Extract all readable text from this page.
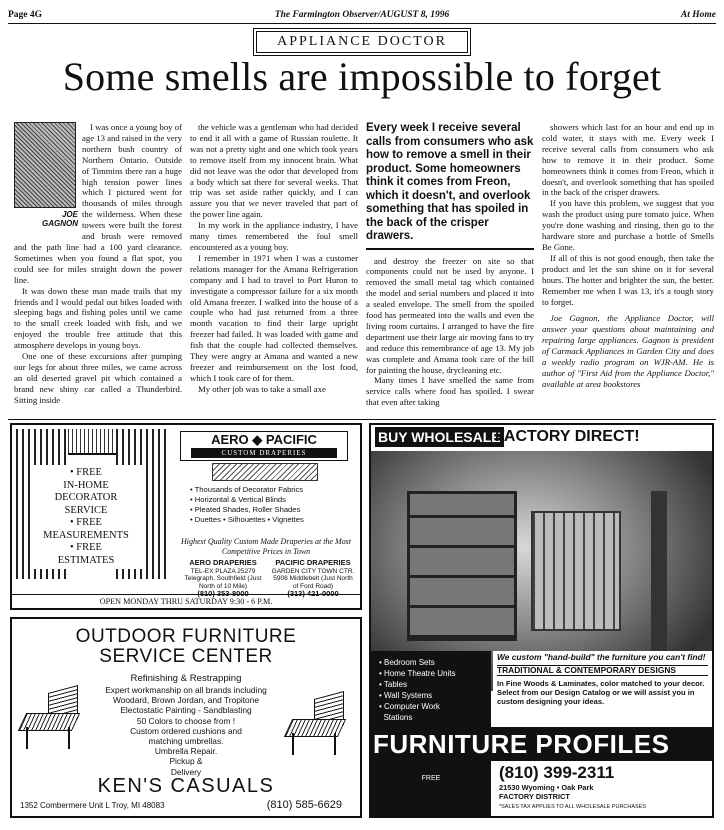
Page 4G	The Farmington Observer/AUGUST 8, 1996	At Home
APPLIANCE DOCTOR
Some smells are impossible to forget
JOE
GAGNON

I was once a young boy of age 13 and raised in the very northern bush country of Northern Ontario. Outside of Timmins there ran a huge high tension power lines which I pictured went for thousands of miles through the wilderness. When these towers were built the forest and brush were removed and the path line had a 100 yard clearance. Sometimes when you found a flat spot, you could see for miles straight down the power line.

It was down these man made trails that my friends and I would pedal out bikes loaded with sleeping bags and fishing poles until we came to the small creek loaded with fish, and we enjoyed the trouble free attitude that this atmosphere develops in young boys.

One one of these excursions after pumping our legs for about three miles, we came across an old deserted gravel pit which contained a brand new shiny car called a Thunderbird. Sitting inside

the vehicle was a gentleman who had decided to end it all with a game of Russian roulette. It was not a pretty sight and one which took years to remove itself from my innocent brain. What did not leave was the odor that developed from a body which sat there for several weeks. That trip was set aside rather quickly, and I can assure you that we never traveled that part of the power line again.

In my work in the appliance industry, I have many times remembered the foul smell encountered as a young boy.

I remember in 1971 when I was a customer relations manager for the Amana Refrigeration company and I had to travel to Port Huron to investigate a compressor failure for a six month old Amana freezer. I walked into the house of a couple who had just returned from a three month vacation to find their large upright freezer had failed. It was loaded with game and fish that the couple had collected themselves. They were angry at Amana and wanted a new freezer and reimbursement on the lost food, which I took care of for them.

My other job was to take a small axe

Every week I receive several calls from consumers who ask how to remove a smell in their product. Some homeowners think it comes from Freon, which it doesn't, and overlook something that has spoiled in the back of the crisper drawers.

and destroy the freezer on site so that components could not be used by anyone. I removed the small metal tag which contained the model and serial numbers and placed it into a sealed envelope. The smell from the spoiled food has permeated into the walls and even the living room curtains. I arranged to have the fire department use their large air moving fans to try and reduce this remembrance of age 13. My job was complete and Amana took care of the bill for painting the house, drycleaning etc.

Many times I have smelled the same from service calls where food has spoiled. I swear that even after taking

showers which last for an hour and end up in cold water, it stays with me. Every week I receive several calls from consumers who ask how to remove it in their product. Some homeowners think it comes from Freon, which it doesn't, and overlook something that has spoiled in the back of the crisper drawers.

If you have this problem, we suggest that you wash the product using pure tomato juice. When you're done washing and rinsing, then go to the hardware store and purchase a bottle of Smells Be Gone.

If all of this is not good enough, then take the product and let the sun shine on it for several hours. The hotter and brighter the sun, the better. Remember me when I was 13, it's a tough story to forget.

Joe Gagnon, the Appliance Doctor, will answer your questions about maintaining and repairing large appliances. Gagnon is president of Carmack Appliances in Garden City and does a weekly radio program on WJR-AM. He is author of "First Aid from the Appliance Doctor," available at area bookstores

• FREE
IN-HOME
DECORATOR
SERVICE
• FREE
MEASUREMENTS
• FREE
ESTIMATES
AERO ◆ PACIFIC
CUSTOM DRAPERIES
• Thousands of Decorator Fabrics
• Horizontal & Vertical Blinds
• Pleated Shades, Roller Shades
• Duettes • Silhouettes • Vignettes
Highest Quality Custom Made Draperies at the Most Competitive Prices in Town
AERO DRAPERIES
TEL-EX PLAZA 25279 Telegraph, Southfield (Just North of 10 Mile)
(810) 353-8000
PACIFIC DRAPERIES
GARDEN CITY TOWN CTR. 5908 Middlebelt (Just North of Ford Road)
(313) 421-0000
OPEN MONDAY THRU SATURDAY 9:30 - 6 P.M.
OUTDOOR FURNITURE
SERVICE CENTER
Refinishing & Restrapping
Expert workmanship on all brands including
Woodard, Brown Jordan, and Tropitone
Electostatic Painting - Sandblasting
50 Colors to choose from !
Custom ordered cushions and
matching umbrellas.
Umbrella Repair.
Pickup &
Delivery
KEN'S CASUALS
1352 Combermere Unit L Troy, MI 48083	(810) 585-6629
BUY WHOLESALE
FACTORY DIRECT!
• Bedroom Sets
• Home Theatre Units
• Tables
• Wall Systems
• Computer Work
Stations
FREE
We custom "hand-build" the furniture you can't find!
TRADITIONAL & CONTEMPORARY DESIGNS
In Fine Woods & Laminates, color matched to your decor. Select from our Design Catalog or we will assist you in custom designing your ideas.
FURNITURE PROFILES
(810) 399-2311
21530 Wyoming • Oak Park
FACTORY DISTRICT
*SALES TAX APPLIES TO ALL WHOLESALE PURCHASES
